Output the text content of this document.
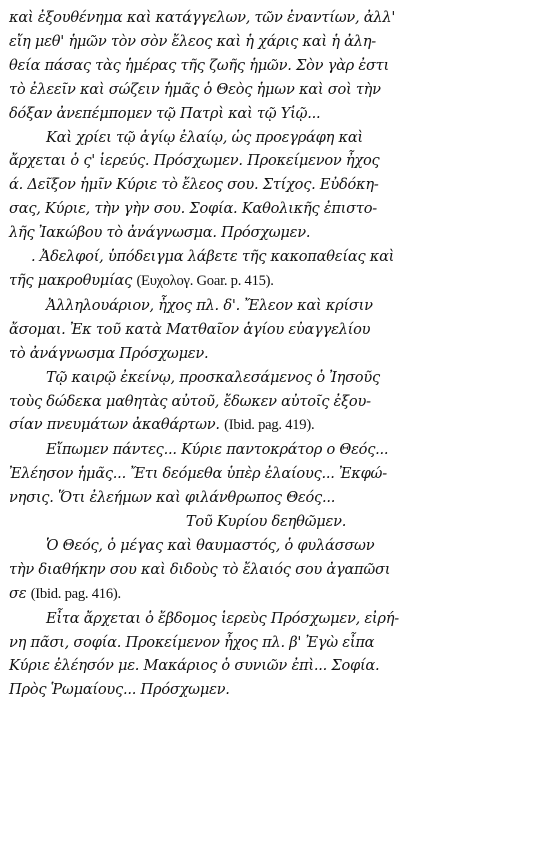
καὶ ἐξουθένημα καὶ κατάγγελων, τῶν ἐναντίων, ἀλλ'
εἴη μεθ' ἡμῶν τὸν σὸν ἔλεος καὶ ἡ χάρις καὶ ἡ ἀλη-
θεία πάσας τὰς ἡμέρας τῆς ζωῆς ἡμῶν. Σὸν γὰρ ἐστι
τὸ ἐλεεῖν καὶ σώζειν ἡμᾶς ὁ Θεὸς ἡμων καὶ σοὶ τὴν
δόξαν ἀνεπέμπομεν τῷ Πατρὶ καὶ τῷ Υἱῷ...
Καὶ χρίει τῷ ἁγίῳ ἐλαίῳ, ὡς προεγράφη καὶ
ἄρχεται ὁ ς' ἱερεύς. Πρόσχωμεν. Προκείμενον ἦχος
ά. Δεῖξον ἡμῖν Κύριε τὸ ἔλεος σου. Στίχος. Εὐδόκη-
σας, Κύριε, τὴν γὴν σου. Σοφία. Καθολικῆς ἐπιστο-
λῆς Ἰακώβου τὸ ἀνάγνωσμα. Πρόσχωμεν.
. Ἀδελφοί, ὑπόδειγμα λάβετε τῆς κακοπαθείας καὶ
τῆς μακροθυμίας (Ευχολογ. Goar. p. 415).
Ἀλληλουάριον, ἦχος πλ. δ'. Ἔλεον καὶ κρίσιν
ἄσομαι. Ἐκ τοῦ κατὰ Ματθαῖον ἁγίου εὐαγγελίου
τὸ ἀνάγνωσμα Πρόσχωμεν.
Τῷ καιρῷ ἐκείνῳ, προσκαλεσάμενος ὁ Ἰησοῦς
τοὺς δώδεκα μαθητὰς αὐτοῦ, ἔδωκεν αὐτοῖς ἐξου-
σίαν πνευμάτων ἀκαθάρτων. (Ibid. pag. 419).
Εἴπωμεν πάντες... Κύριε παντοκράτορ ο Θεός...
Ἐλέησον ἡμᾶς... Ἔτι δεόμεθα ὑπὲρ ἐλαίους... Ἐκφώ-
νησις. Ὅτι ἐλεήμων καὶ φιλάνθρωπος Θεός...
Τοῦ Κυρίου δεηθῶμεν.
Ὁ Θεός, ὁ μέγας καὶ θαυμαστός, ὁ φυλάσσων
τὴν διαθήκην σου καὶ διδοὺς τὸ ἔλαιός σου ἀγαπῶσι
σε (Ibid. pag. 416).
Εἶτα ἄρχεται ὁ ἔβδομος ἱερεὺς Πρόσχωμεν, εἰρή-
νη πᾶσι, σοφία. Προκείμενον ἦχος πλ. β' Ἐγὼ εἶπα
Κύριε ἐλέησόν με. Μακάριος ὁ συνιῶν ἐπὶ... Σοφία.
Πρὸς Ῥωμαίους... Πρόσχωμεν.
